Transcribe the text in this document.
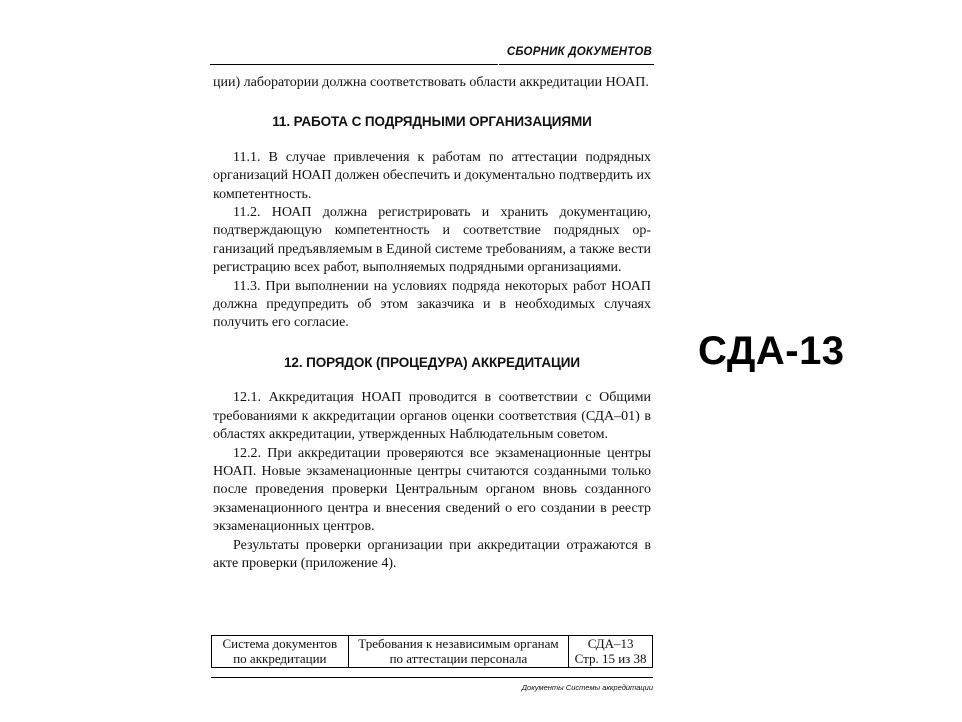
СБОРНИК ДОКУМЕНТОВ

ции) лаборатории должна соответствовать области аккредитации НОАП.

11. РАБОТА С ПОДРЯДНЫМИ ОРГАНИЗАЦИЯМИ

11.1. В случае привлечения к работам по аттестации подрядных организаций НОАП должен обеспечить и документально подтвердить их компетентность.

11.2. НОАП должна регистрировать и хранить документацию, подтверждающую компетентность и соответствие подрядных организаций предъявляемым в Единой системе требованиям, а также вести регистрацию всех работ, выполняемых подрядными организациями.

11.3. При выполнении на условиях подряда некоторых работ НОАП должна предупредить об этом заказчика и в необходимых случаях получить его согласие.

12. ПОРЯДОК (ПРОЦЕДУРА) АККРЕДИТАЦИИ

12.1. Аккредитация НОАП проводится в соответствии с Общими требованиями к аккредитации органов оценки соответствия (СДА–01) в областях аккредитации, утвержденных Наблюдательным советом.

12.2. При аккредитации проверяются все экзаменационные центры НОАП. Новые экзаменационные центры считаются созданными только после проведения проверки Центральным органом вновь созданного экзаменационного центра и внесения сведений о его создании в реестр экзаменационных центров.

Результаты проверки организации при аккредитации отражаются в акте проверки (приложение 4).

Система документов
по аккредитации

Требования к независимым органам
по аттестации персонала

СДА–13
Стр. 15 из 38
Документы Системы аккредитации
СДА-13
